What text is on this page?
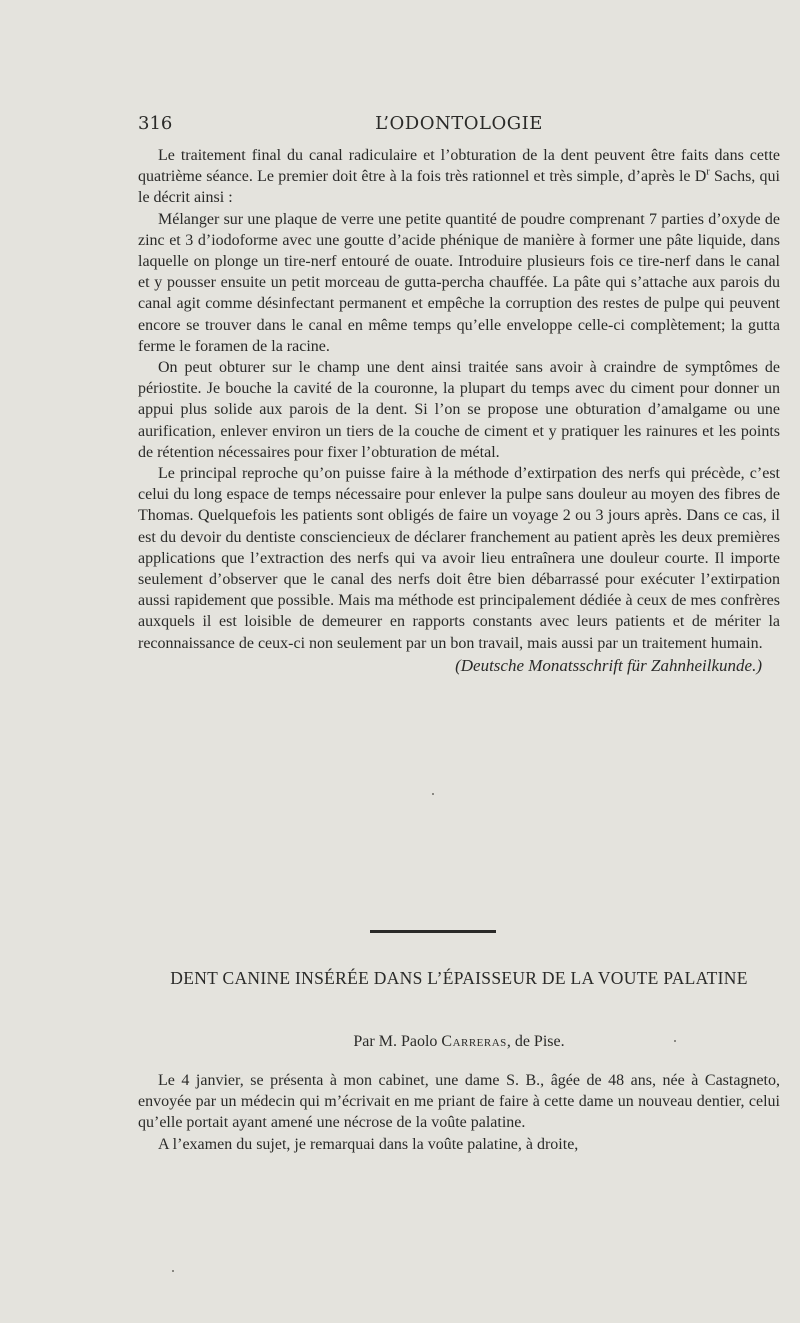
316	L’ODONTOLOGIE

Le traitement final du canal radiculaire et l’obturation de la dent peuvent être faits dans cette quatrième séance. Le premier doit être à la fois très rationnel et très simple, d’après le $D^r$ Sachs, qui le décrit ainsi :

Mélanger sur une plaque de verre une petite quantité de poudre comprenant 7 parties d’oxyde de zinc et 3 d’iodoforme avec une goutte d’acide phénique de manière à former une pâte liquide, dans laquelle on plonge un tire-nerf entouré de ouate. Introduire plusieurs fois ce tire-nerf dans le canal et y pousser ensuite un petit morceau de gutta-percha chauffée. La pâte qui s’attache aux parois du canal agit comme désinfectant permanent et empêche la corruption des restes de pulpe qui peuvent encore se trouver dans le canal en même temps qu’elle enveloppe celle-ci complètement; la gutta ferme le foramen de la racine.

On peut obturer sur le champ une dent ainsi traitée sans avoir à craindre de symptômes de périostite. Je bouche la cavité de la couronne, la plupart du temps avec du ciment pour donner un appui plus solide aux parois de la dent. Si l’on se propose une obturation d’amalgame ou une aurification, enlever environ un tiers de la couche de ciment et y pratiquer les rainures et les points de rétention nécessaires pour fixer l’obturation de métal.

Le principal reproche qu’on puisse faire à la méthode d’extirpation des nerfs qui précède, c’est celui du long espace de temps nécessaire pour enlever la pulpe sans douleur au moyen des fibres de Thomas. Quelquefois les patients sont obligés de faire un voyage 2 ou 3 jours après. Dans ce cas, il est du devoir du dentiste consciencieux de déclarer franchement au patient après les deux premières applications que l’extraction des nerfs qui va avoir lieu entraînera une douleur courte. Il importe seulement d’observer que le canal des nerfs doit être bien débarrassé pour exécuter l’extirpation aussi rapidement que possible. Mais ma méthode est principalement dédiée à ceux de mes confrères auxquels il est loisible de demeurer en rapports constants avec leurs patients et de mériter la reconnaissance de ceux-ci non seulement par un bon travail, mais aussi par un traitement humain.

(Deutsche Monatsschrift für Zahnheilkunde.)

DENT CANINE INSÉRÉE DANS L’ÉPAISSEUR DE LA VOUTE PALATINE
Par M. Paolo Carreras, de Pise.

Le 4 janvier, se présenta à mon cabinet, une dame S. B., âgée de 48 ans, née à Castagneto, envoyée par un médecin qui m’écrivait en me priant de faire à cette dame un nouveau dentier, celui qu’elle portait ayant amené une nécrose de la voûte palatine.

A l’examen du sujet, je remarquai dans la voûte palatine, à droite,
